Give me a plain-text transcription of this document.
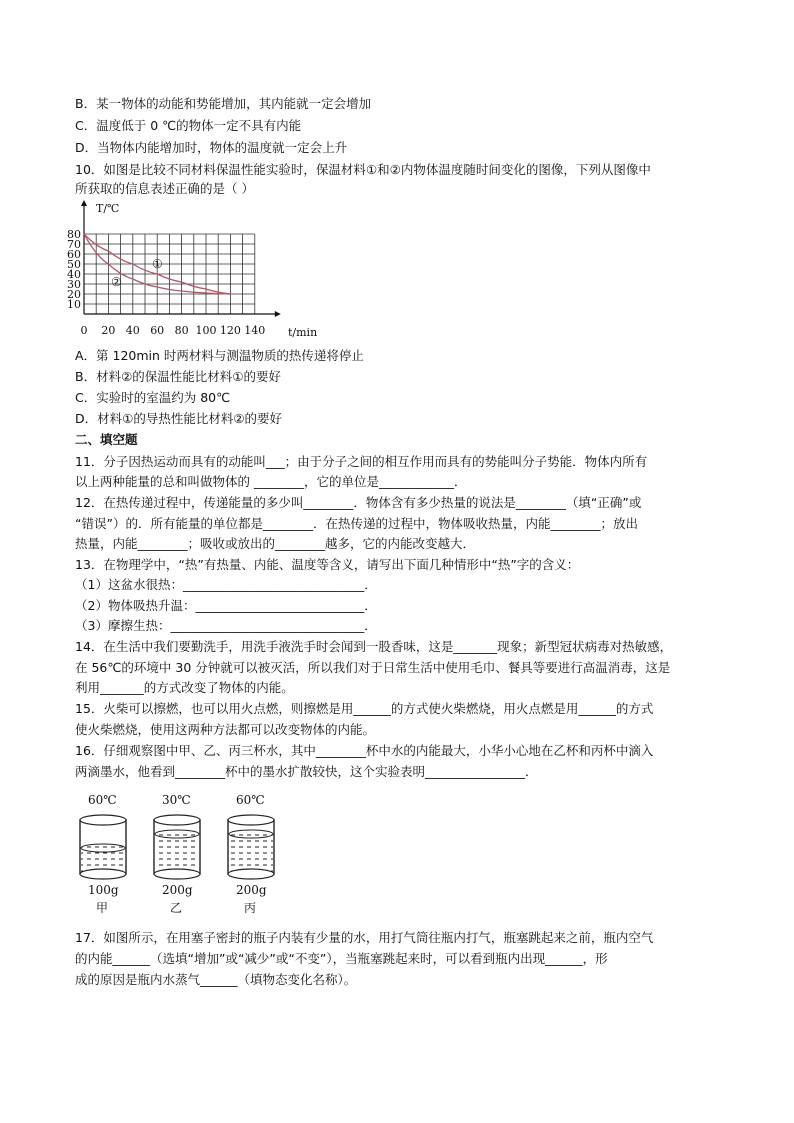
B．某一物体的动能和势能增加，其内能就一定会增加
C．温度低于 0 ℃的物体一定不具有内能
D．当物体内能增加时，物体的温度就一定会上升
10．如图是比较不同材料保温性能实验时，保温材料①和②内物体温度随时间变化的图像，下列从图像中
所获取的信息表述正确的是（ ）
80
70
60
50
40
30
20
10
0 20 40 60 80 100 120 140
T/℃
t/min
①
②
A．第 120min 时两材料与测温物质的热传递将停止
B．材料②的保温性能比材料①的要好
C．实验时的室温约为 80℃
D．材料①的导热性能比材料②的要好
二、填空题
11．分子因热运动而具有的动能叫___；由于分子之间的相互作用而具有的势能叫分子势能．物体内所有
以上两种能量的总和叫做物体的 ________，它的单位是____________．
12．在热传递过程中，传递能量的多少叫________．物体含有多少热量的说法是________（填“正确”或
“错误”）的．所有能量的单位都是________．在热传递的过程中，物体吸收热量，内能________；放出
热量，内能________；吸收或放出的________越多，它的内能改变越大．
13．在物理学中，“热”有热量、内能、温度等含义，请写出下面几种情形中“热”字的含义：
（1）这盆水很热：_____________________________．
（2）物体吸热升温：___________________________．
（3）摩擦生热：_______________________________．
14．在生活中我们要勤洗手，用洗手液洗手时会闻到一股香味，这是_______现象；新型冠状病毒对热敏感，
在 56℃的环境中 30 分钟就可以被灭活，所以我们对于日常生活中使用毛巾、餐具等要进行高温消毒，这是
利用_______的方式改变了物体的内能。
15．火柴可以擦燃，也可以用火点燃，则擦燃是用______的方式使火柴燃烧，用火点燃是用______的方式
使火柴燃烧，使用这两种方法都可以改变物体的内能。
16．仔细观察图中甲、乙、丙三杯水，其中________杯中水的内能最大，小华小心地在乙杯和丙杯中滴入
两滴墨水，他看到________杯中的墨水扩散较快，这个实验表明________________．
60℃
100g
甲
30℃
200g
乙
60℃
200g
丙
17．如图所示，在用塞子密封的瓶子内装有少量的水，用打气筒往瓶内打气，瓶塞跳起来之前，瓶内空气
的内能______（选填“增加”或“减少”或“不变”），当瓶塞跳起来时，可以看到瓶内出现______，形
成的原因是瓶内水蒸气______（填物态变化名称）。
